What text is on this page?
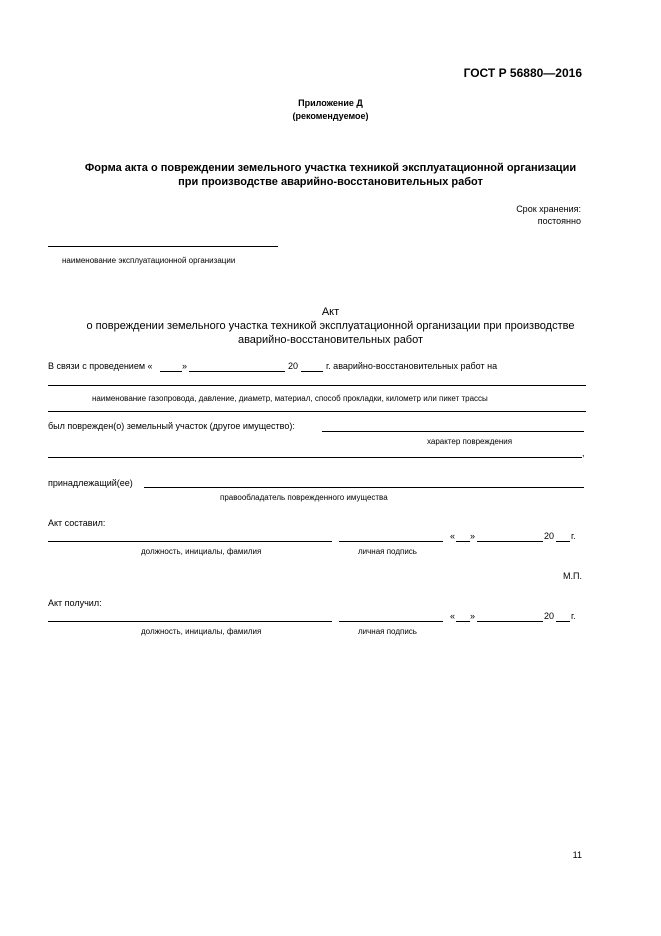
ГОСТ Р 56880—2016
Приложение Д
(рекомендуемое)
Форма акта о повреждении земельного участка техникой эксплуатационной организации
при производстве аварийно-восстановительных работ
Срок хранения:
постоянно
наименование эксплуатационной организации
Акт
о повреждении земельного участка техникой эксплуатационной организации при производстве
аварийно-восстановительных работ
В связи с проведением «	»	20	г. аварийно-восстановительных работ на
наименование газопровода, давление, диаметр, материал, способ прокладки, километр или пикет трассы
был поврежден(о) земельный участок (другое имущество):
характер повреждения
,
принадлежащий(ее)
правообладатель поврежденного имущества
Акт составил:
« »	20 г.
должность, инициалы, фамилия	личная подпись
М.П.
Акт получил:
« »	20 г.
должность, инициалы, фамилия	личная подпись
11
